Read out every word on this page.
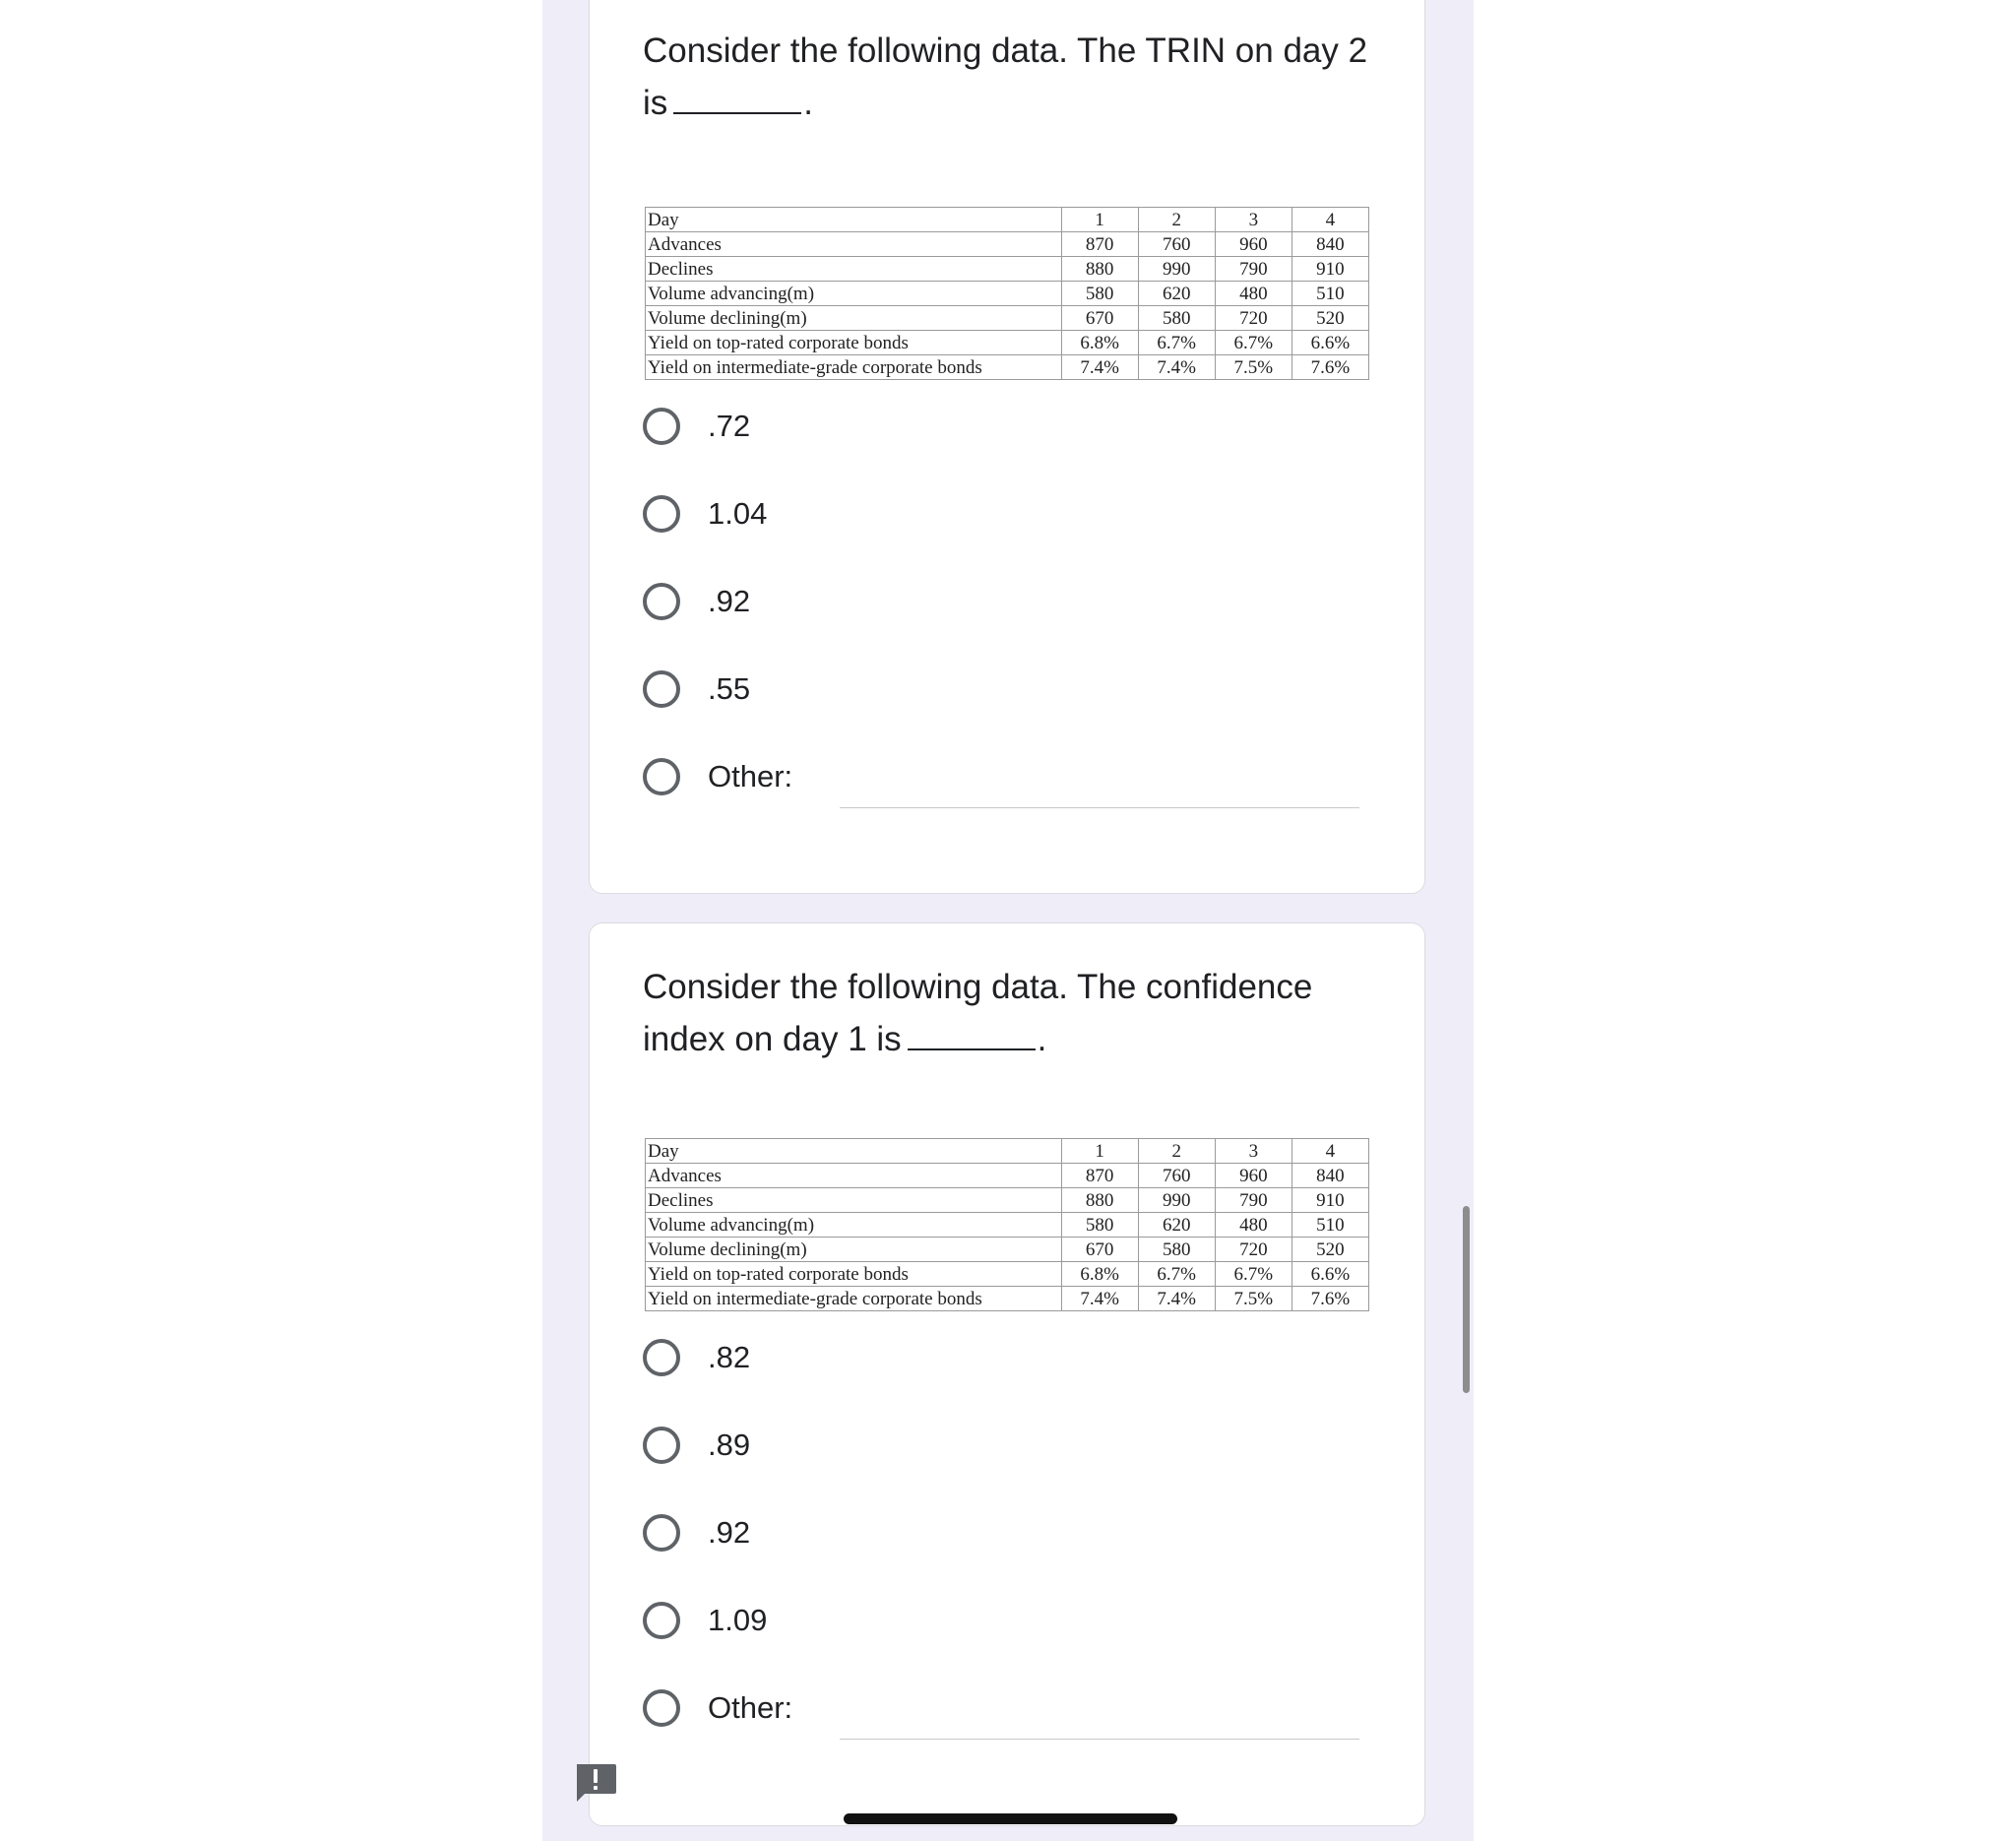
Consider the following data. The TRIN on day 2 is	.

Day	1	2	3	4
Advances	870	760	960	840
Declines	880	990	790	910
Volume advancing(m)	580	620	480	510
Volume declining(m)	670	580	720	520
Yield on top-rated corporate bonds	6.8%	6.7%	6.7%	6.6%
Yield on intermediate-grade corporate bonds	7.4%	7.4%	7.5%	7.6%
.72
1.04
.92
.55
Other:

Consider the following data. The confidence index on day 1 is	.

Day	1	2	3	4
Advances	870	760	960	840
Declines	880	990	790	910
Volume advancing(m)	580	620	480	510
Volume declining(m)	670	580	720	520
Yield on top-rated corporate bonds	6.8%	6.7%	6.7%	6.6%
Yield on intermediate-grade corporate bonds	7.4%	7.4%	7.5%	7.6%
.82
.89
.92
1.09
Other:
